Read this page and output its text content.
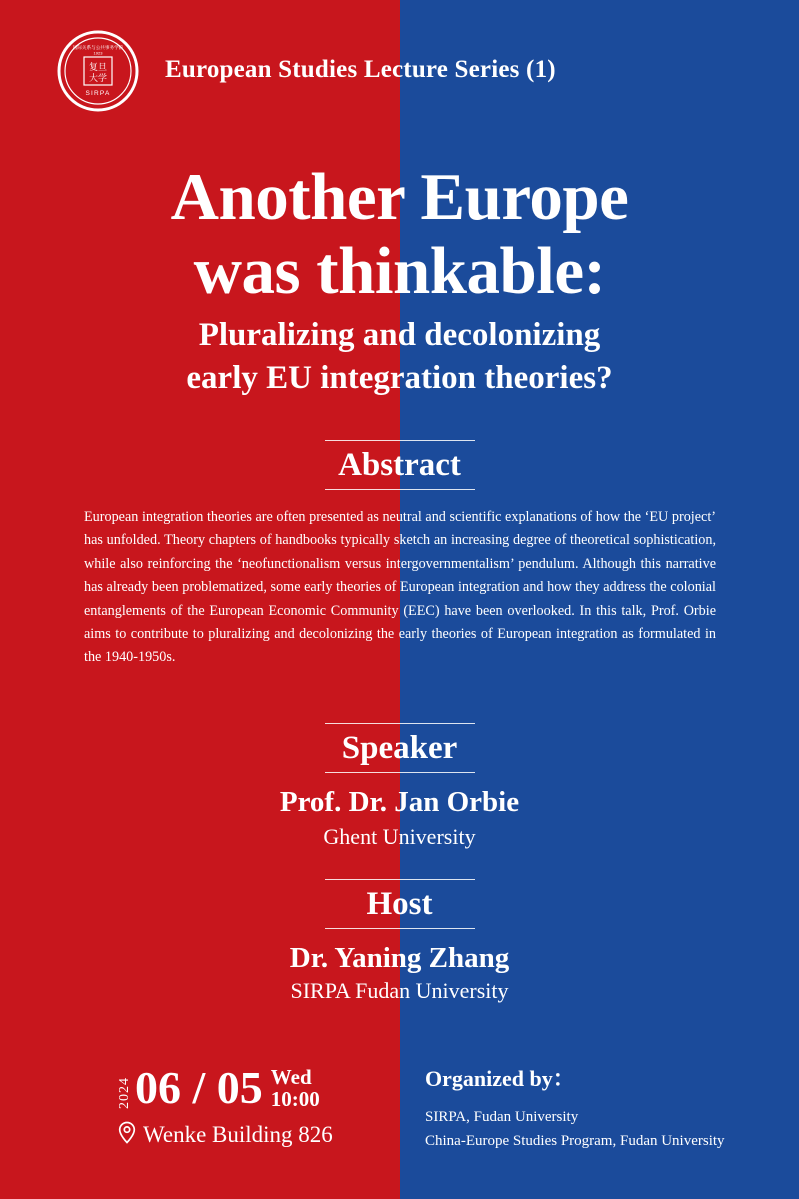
复旦
大学
SIRPA
国际关系与公共事务学院
1923
European Studies Lecture Series (1)
Another Europe
was thinkable:
Pluralizing and decolonizing
early EU integration theories?
Abstract
European integration theories are often presented as neutral and scientific explanations of how the ‘EU project’ has unfolded. Theory chapters of handbooks typically sketch an increasing degree of theoretical sophistication, while also reinforcing the ‘neofunctionalism versus intergovernmentalism’ pendulum. Although this narrative has already been problematized, some early theories of European integration and how they address the colonial entanglements of the European Economic Community (EEC) have been overlooked. In this talk, Prof. Orbie aims to contribute to pluralizing and decolonizing the early theories of European integration as formulated in the 1940-1950s.
Speaker
Prof. Dr. Jan Orbie
Ghent University
Host
Dr. Yaning Zhang
SIRPA Fudan University
2024 06 / 05 Wed
10:00
Wenke Building 826
Organized by：
SIRPA, Fudan University
China-Europe Studies Program, Fudan University
